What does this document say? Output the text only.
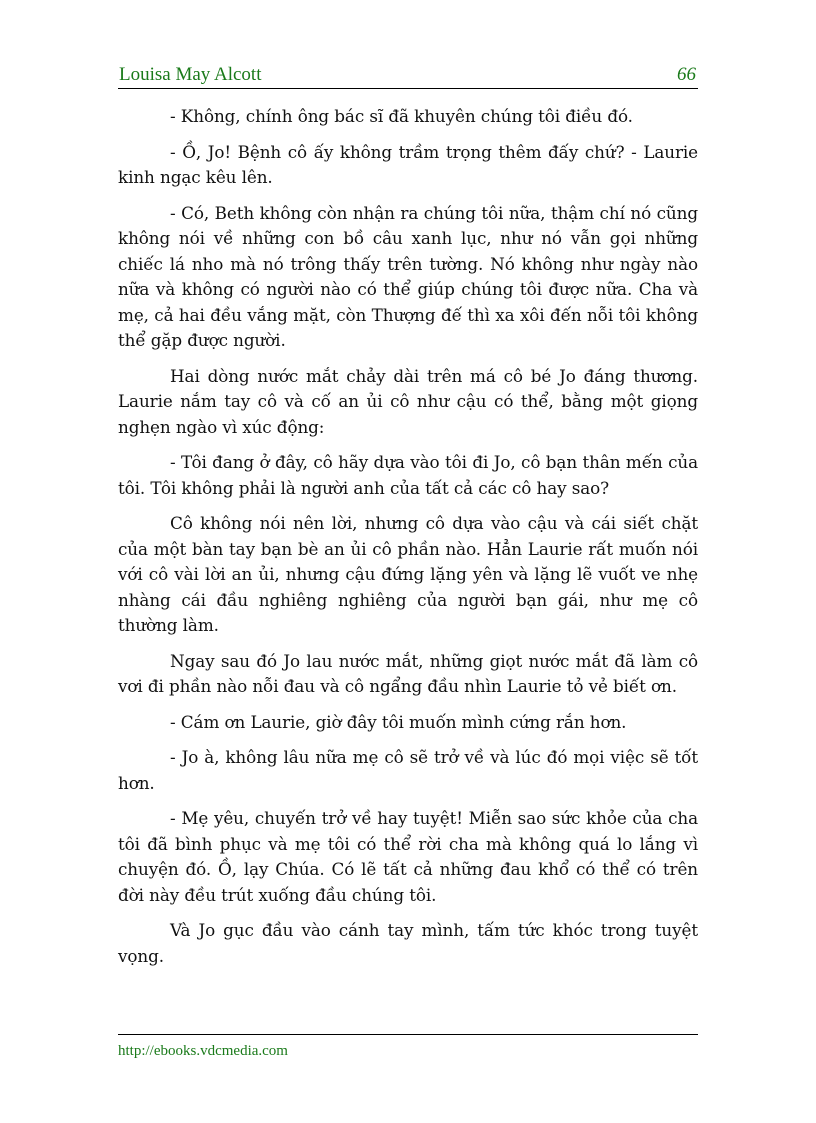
Louisa May Alcott	66

- Không, chính ông bác sĩ đã khuyên chúng tôi điều đó.

- Ồ, Jo! Bệnh cô ấy không trầm trọng thêm đấy chứ? - Laurie kinh ngạc kêu lên.

- Có, Beth không còn nhận ra chúng tôi nữa, thậm chí nó cũng không nói về những con bồ câu xanh lục, như nó vẫn gọi những chiếc lá nho mà nó trông thấy trên tường. Nó không như ngày nào nữa và không có người nào có thể giúp chúng tôi được nữa. Cha và mẹ, cả hai đều vắng mặt, còn Thượng đế thì xa xôi đến nỗi tôi không thể gặp được người.

Hai dòng nước mắt chảy dài trên má cô bé Jo đáng thương. Laurie nắm tay cô và cố an ủi cô như cậu có thể, bằng một giọng nghẹn ngào vì xúc động:

- Tôi đang ở đây, cô hãy dựa vào tôi đi Jo, cô bạn thân mến của tôi. Tôi không phải là người anh của tất cả các cô hay sao?

Cô không nói nên lời, nhưng cô dựa vào cậu và cái siết chặt của một bàn tay bạn bè an ủi cô phần nào. Hẳn Laurie rất muốn nói với cô vài lời an ủi, nhưng cậu đứng lặng yên và lặng lẽ vuốt ve nhẹ nhàng cái đầu nghiêng nghiêng của người bạn gái, như mẹ cô thường làm.

Ngay sau đó Jo lau nước mắt, những giọt nước mắt đã làm cô vơi đi phần nào nỗi đau và cô ngẩng đầu nhìn Laurie tỏ vẻ biết ơn.

- Cám ơn Laurie, giờ đây tôi muốn mình cứng rắn hơn.

- Jo à, không lâu nữa mẹ cô sẽ trở về và lúc đó mọi việc sẽ tốt hơn.

- Mẹ yêu, chuyến trở về hay tuyệt! Miễn sao sức khỏe của cha tôi đã bình phục và mẹ tôi có thể rời cha mà không quá lo lắng vì chuyện đó. Ồ, lạy Chúa. Có lẽ tất cả những đau khổ có thể có trên đời này đều trút xuống đầu chúng tôi.

Và Jo gục đầu vào cánh tay mình, tấm tức khóc trong tuyệt vọng.

http://ebooks.vdcmedia.com
